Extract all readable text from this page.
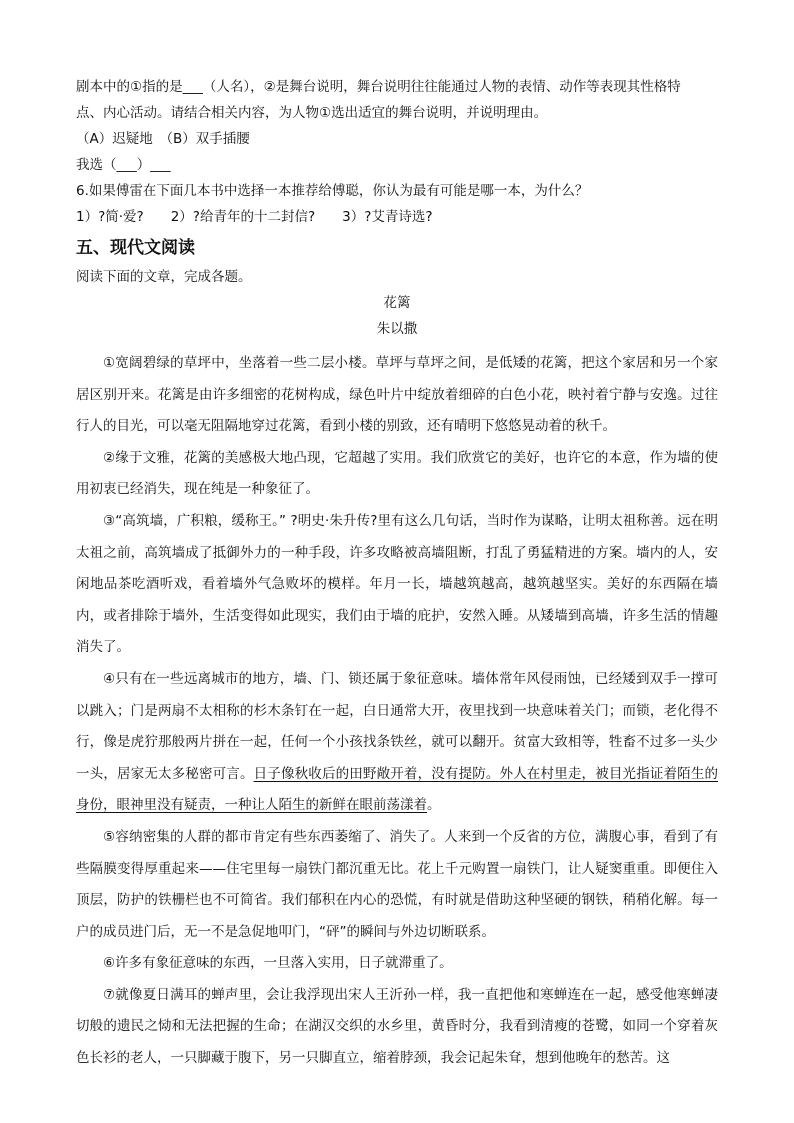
剧本中的①指的是___（人名），②是舞台说明，舞台说明往往能通过人物的表情、动作等表现其性格特
点、内心活动。请结合相关内容，为人物①选出适宜的舞台说明，并说明理由。
（A）迟疑地　（B）双手插腰
我选（___）___
6.如果傅雷在下面几本书中选择一本推荐给傅聪，你认为最有可能是哪一本，为什么？
1）?简·爱?　　2）?给青年的十二封信?　　3）?艾青诗选?
五、现代文阅读
阅读下面的文章，完成各题。
花篱
朱以撒

①宽阔碧绿的草坪中，坐落着一些二层小楼。草坪与草坪之间，是低矮的花篱，把这个家居和另一个家居区别开来。花篱是由许多细密的花树构成，绿色叶片中绽放着细碎的白色小花，映衬着宁静与安逸。过往行人的目光，可以毫无阻隔地穿过花篱，看到小楼的别致，还有晴明下悠悠晃动着的秋千。

②缘于文雅，花篱的美感极大地凸现，它超越了实用。我们欣赏它的美好，也许它的本意，作为墙的使用初衷已经消失，现在纯是一种象征了。

③“高筑墙，广积粮，缓称王。” ?明史·朱升传?里有这么几句话，当时作为谋略，让明太祖称善。远在明太祖之前，高筑墙成了抵御外力的一种手段，许多攻略被高墙阻断，打乱了勇猛精进的方案。墙内的人，安闲地品茶吃酒听戏，看着墙外气急败坏的模样。年月一长，墙越筑越高，越筑越坚实。美好的东西隔在墙内，或者排除于墙外，生活变得如此现实，我们由于墙的庇护，安然入睡。从矮墙到高墙，许多生活的情趣消失了。

④只有在一些远离城市的地方，墙、门、锁还属于象征意味。墙体常年风侵雨蚀，已经矮到双手一撑可以跳入；门是两扇不太相称的杉木条钉在一起，白日通常大开，夜里找到一块意味着关门；而锁，老化得不行，像是虎狞那般两片拼在一起，任何一个小孩找条铁丝，就可以翻开。贫富大致相等，牲畜不过多一头少一头，居家无太多秘密可言。日子像秋收后的田野敞开着，没有提防。外人在村里走，被目光指证着陌生的身份，眼神里没有疑责，一种让人陌生的新鲜在眼前荡漾着。

⑤容纳密集的人群的都市肯定有些东西萎缩了、消失了。人来到一个反省的方位，满腹心事，看到了有些隔膜变得厚重起来——住宅里每一扇铁门都沉重无比。花上千元购置一扇铁门，让人疑窦重重。即便住入顶层，防护的铁栅栏也不可简省。我们郁积在内心的恐慌，有时就是借助这种坚硬的钢铁，稍稍化解。每一户的成员进门后，无一不是急促地叩门，“砰”的瞬间与外边切断联系。

⑥许多有象征意味的东西，一旦落入实用，日子就滞重了。

⑦就像夏日满耳的蝉声里，会让我浮现出宋人王沂孙一样，我一直把他和寒蝉连在一起，感受他寒蝉凄切般的遗民之恸和无法把握的生命；在湖汉交织的水乡里，黄昏时分，我看到清瘦的苍鹭，如同一个穿着灰色长衫的老人，一只脚藏于腹下，另一只脚直立，缩着脖颈，我会记起朱耷，想到他晚年的愁苦。这
